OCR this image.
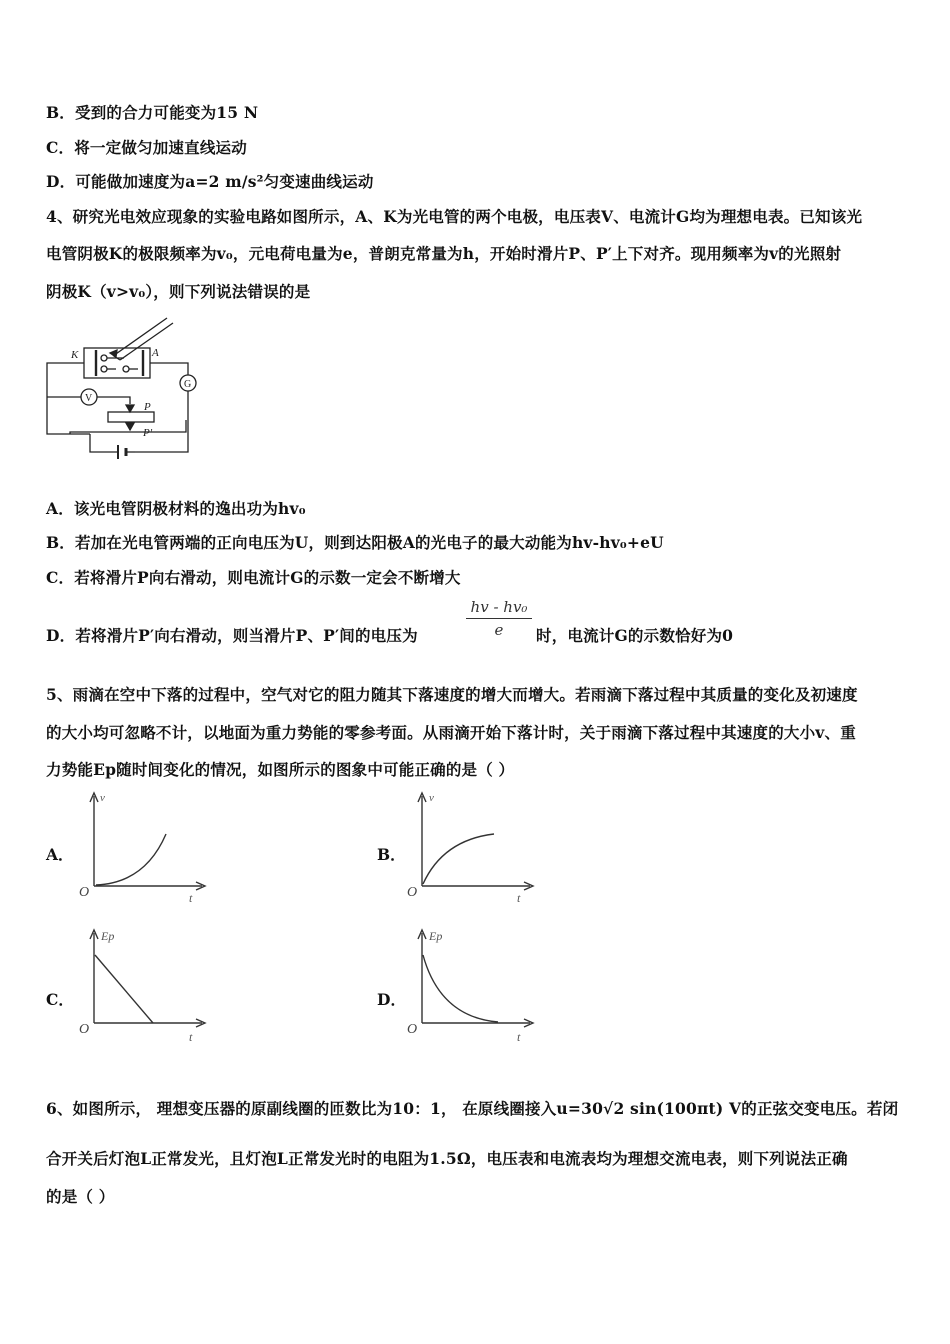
B．受到的合力可能变为15 N
C．将一定做匀加速直线运动
D．可能做加速度为a=2 m/s²匀变速曲线运动
4、研究光电效应现象的实验电路如图所示，A、K为光电管的两个电极，电压表V、电流计G均为理想电表。已知该光
电管阴极K的极限频率为v₀，元电荷电量为e，普朗克常量为h，开始时滑片P、P′上下对齐。现用频率为v的光照射
阴极K（v>v₀），则下列说法错误的是
K	A
V
G
P
P′
A．该光电管阴极材料的逸出功为hv₀
B．若加在光电管两端的正向电压为U，则到达阳极A的光电子的最大动能为hv-hv₀+eU
C．若将滑片P向右滑动，则电流计G的示数一定会不断增大
D．若将滑片P′向右滑动，则当滑片P、P′间的电压为	$\frac{\text{hv - hv₀}}{e}$ 时，电流计G的示数恰好为0
5、雨滴在空中下落的过程中，空气对它的阻力随其下落速度的增大而增大。若雨滴下落过程中其质量的变化及初速度
的大小均可忽略不计，以地面为重力势能的零参考面。从雨滴开始下落计时，关于雨滴下落过程中其速度的大小v、重
力势能Ep随时间变化的情况，如图所示的图象中可能正确的是（ ）
A．
v
t
O
B．
v
t
O
C．
Ep
t
O
D．
Ep
t
O
6、如图所示， 理想变压器的原副线圈的匝数比为10：1， 在原线圈接入u=30√2 sin(100πt) V的正弦交变电压。若闭
合开关后灯泡L正常发光，且灯泡L正常发光时的电阻为1.5Ω，电压表和电流表均为理想交流电表，则下列说法正确
的是（ ）
